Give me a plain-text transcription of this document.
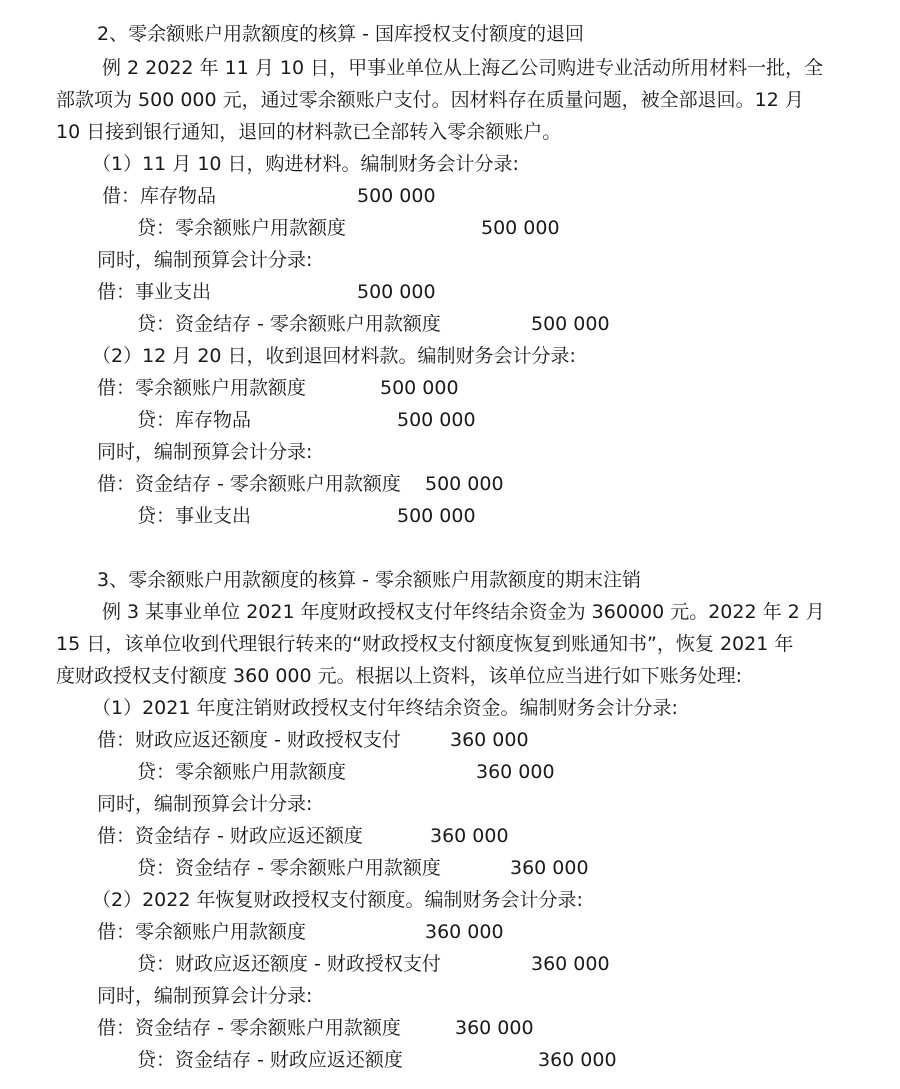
2、零余额账户用款额度的核算 - 国库授权支付额度的退回
例 2 2022 年 11 月 10 日，甲事业单位从上海乙公司购进专业活动所用材料一批，全
部款项为 500 000 元，通过零余额账户支付。因材料存在质量问题，被全部退回。12 月
10 日接到银行通知，退回的材料款已全部转入零余额账户。
（1）11 月 10 日，购进材料。编制财务会计分录:
借：库存物品	500 000
贷：零余额账户用款额度	500 000
同时，编制预算会计分录:
借：事业支出	500 000
贷：资金结存 - 零余额账户用款额度	500 000
（2）12 月 20 日，收到退回材料款。编制财务会计分录:
借：零余额账户用款额度	500 000
贷：库存物品	500 000
同时，编制预算会计分录:
借：资金结存 - 零余额账户用款额度 500 000
贷：事业支出	500 000
3、零余额账户用款额度的核算 - 零余额账户用款额度的期末注销
例 3 某事业单位 2021 年度财政授权支付年终结余资金为 360000 元。2022 年 2 月
15 日，该单位收到代理银行转来的“财政授权支付额度恢复到账通知书”，恢复 2021 年
度财政授权支付额度 360 000 元。根据以上资料，该单位应当进行如下账务处理:
（1）2021 年度注销财政授权支付年终结余资金。编制财务会计分录:
借：财政应返还额度 - 财政授权支付	360 000
贷：零余额账户用款额度	360 000
同时，编制预算会计分录:
借：资金结存 - 财政应返还额度	360 000
贷：资金结存 - 零余额账户用款额度	360 000
（2）2022 年恢复财政授权支付额度。编制财务会计分录:
借：零余额账户用款额度	360 000
贷：财政应返还额度 - 财政授权支付	360 000
同时，编制预算会计分录:
借：资金结存 - 零余额账户用款额度	360 000
贷：资金结存 - 财政应返还额度	360 000
